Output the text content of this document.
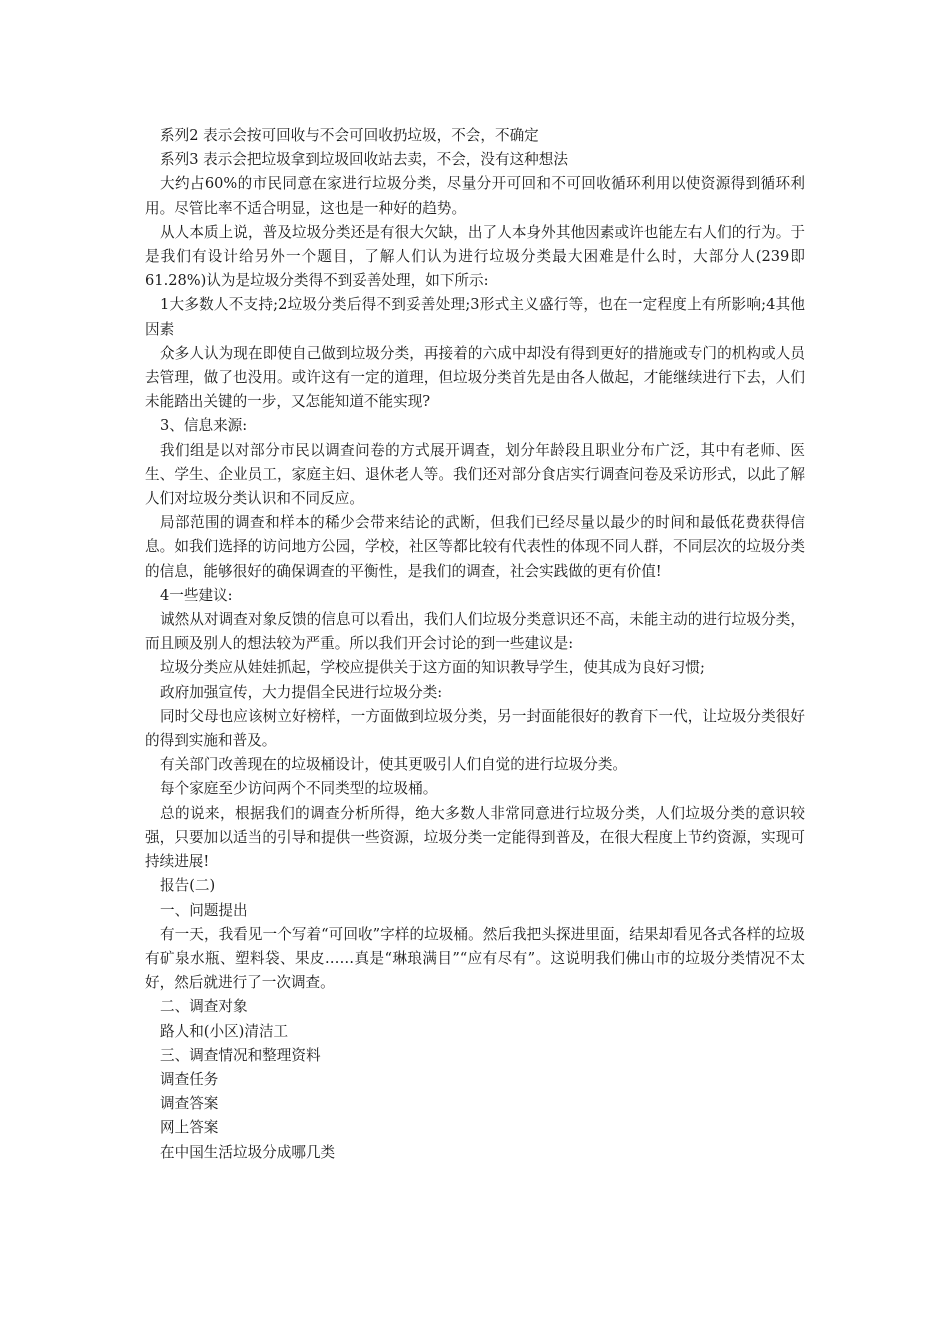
系列2 表示会按可回收与不会可回收扔垃圾，不会，不确定

系列3 表示会把垃圾拿到垃圾回收站去卖，不会，没有这种想法

大约占60%的市民同意在家进行垃圾分类，尽量分开可回和不可回收循环利用以使资源得到循环利用。尽管比率不适合明显，这也是一种好的趋势。

从人本质上说，普及垃圾分类还是有很大欠缺，出了人本身外其他因素或许也能左右人们的行为。于是我们有设计给另外一个题目，了解人们认为进行垃圾分类最大困难是什么时，大部分人(239即61.28%)认为是垃圾分类得不到妥善处理，如下所示:

1大多数人不支持;2垃圾分类后得不到妥善处理;3形式主义盛行等，也在一定程度上有所影响;4其他因素

众多人认为现在即使自己做到垃圾分类，再接着的六成中却没有得到更好的措施或专门的机构或人员去管理，做了也没用。或许这有一定的道理，但垃圾分类首先是由各人做起，才能继续进行下去，人们未能踏出关键的一步，又怎能知道不能实现?

3、信息来源:

我们组是以对部分市民以调查问卷的方式展开调查，划分年龄段且职业分布广泛，其中有老师、医生、学生、企业员工，家庭主妇、退休老人等。我们还对部分食店实行调查问卷及采访形式，以此了解人们对垃圾分类认识和不同反应。

局部范围的调查和样本的稀少会带来结论的武断，但我们已经尽量以最少的时间和最低花费获得信息。如我们选择的访问地方公园，学校，社区等都比较有代表性的体现不同人群，不同层次的垃圾分类的信息，能够很好的确保调查的平衡性，是我们的调查，社会实践做的更有价值!

4一些建议:

诚然从对调查对象反馈的信息可以看出，我们人们垃圾分类意识还不高，未能主动的进行垃圾分类，而且顾及别人的想法较为严重。所以我们开会讨论的到一些建议是:

垃圾分类应从娃娃抓起，学校应提供关于这方面的知识教导学生，使其成为良好习惯;

政府加强宣传，大力提倡全民进行垃圾分类:

同时父母也应该树立好榜样，一方面做到垃圾分类，另一封面能很好的教育下一代，让垃圾分类很好的得到实施和普及。

有关部门改善现在的垃圾桶设计，使其更吸引人们自觉的进行垃圾分类。

每个家庭至少访问两个不同类型的垃圾桶。

总的说来，根据我们的调查分析所得，绝大多数人非常同意进行垃圾分类，人们垃圾分类的意识较强，只要加以适当的引导和提供一些资源，垃圾分类一定能得到普及，在很大程度上节约资源，实现可持续进展!

报告(二)

一、问题提出

有一天，我看见一个写着“可回收”字样的垃圾桶。然后我把头探进里面，结果却看见各式各样的垃圾有矿泉水瓶、塑料袋、果皮……真是“琳琅满目”“应有尽有”。这说明我们佛山市的垃圾分类情况不太好，然后就进行了一次调查。

二、调查对象

路人和(小区)清洁工

三、调查情况和整理资料

调查任务

调查答案

网上答案

在中国生活垃圾分成哪几类
